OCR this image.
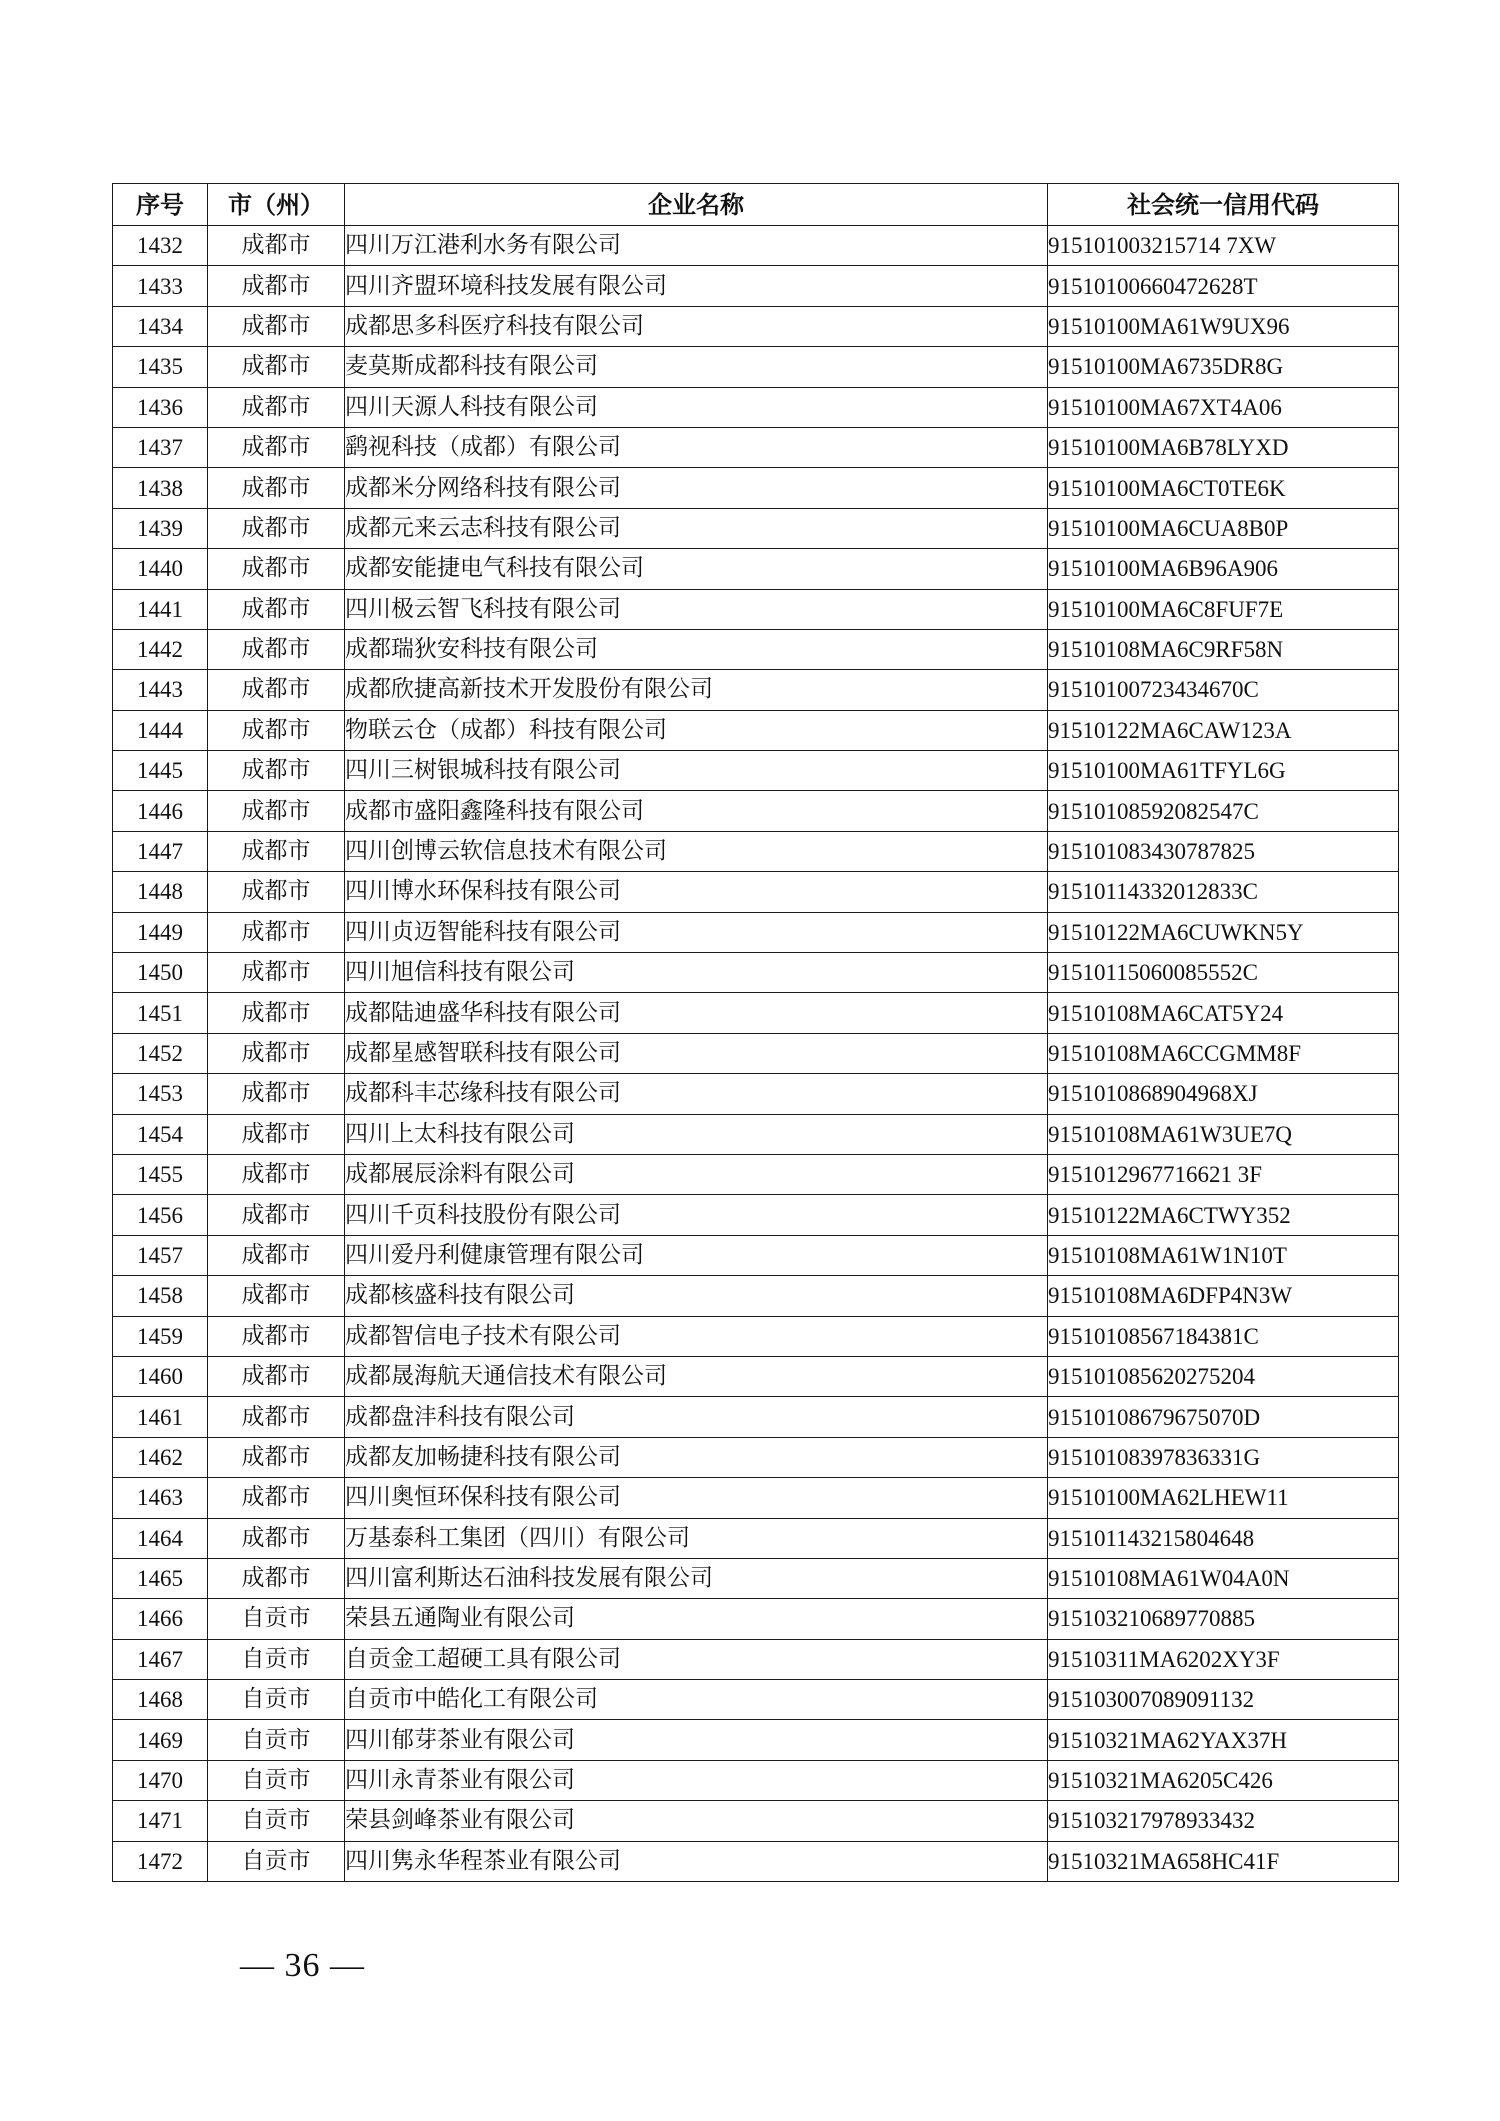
序号	市（州）	企业名称	社会统一信用代码
1432	成都市	四川万江港利水务有限公司	915101003215714 7XW
1433	成都市	四川齐盟环境科技发展有限公司	91510100660472628T
1434	成都市	成都思多科医疗科技有限公司	91510100MA61W9UX96
1435	成都市	麦莫斯成都科技有限公司	91510100MA6735DR8G
1436	成都市	四川天源人科技有限公司	91510100MA67XT4A06
1437	成都市	鹞视科技（成都）有限公司	91510100MA6B78LYXD
1438	成都市	成都米分网络科技有限公司	91510100MA6CT0TE6K
1439	成都市	成都元来云志科技有限公司	91510100MA6CUA8B0P
1440	成都市	成都安能捷电气科技有限公司	91510100MA6B96A906
1441	成都市	四川极云智飞科技有限公司	91510100MA6C8FUF7E
1442	成都市	成都瑞狄安科技有限公司	91510108MA6C9RF58N
1443	成都市	成都欣捷高新技术开发股份有限公司	91510100723434670C
1444	成都市	物联云仓（成都）科技有限公司	91510122MA6CAW123A
1445	成都市	四川三树银城科技有限公司	91510100MA61TFYL6G
1446	成都市	成都市盛阳鑫隆科技有限公司	91510108592082547C
1447	成都市	四川创博云软信息技术有限公司	915101083430787825
1448	成都市	四川博水环保科技有限公司	91510114332012833C
1449	成都市	四川贞迈智能科技有限公司	91510122MA6CUWKN5Y
1450	成都市	四川旭信科技有限公司	91510115060085552C
1451	成都市	成都陆迪盛华科技有限公司	91510108MA6CAT5Y24
1452	成都市	成都星感智联科技有限公司	91510108MA6CCGMM8F
1453	成都市	成都科丰芯缘科技有限公司	9151010868904968XJ
1454	成都市	四川上太科技有限公司	91510108MA61W3UE7Q
1455	成都市	成都展辰涂料有限公司	9151012967716621 3F
1456	成都市	四川千页科技股份有限公司	91510122MA6CTWY352
1457	成都市	四川爱丹利健康管理有限公司	91510108MA61W1N10T
1458	成都市	成都核盛科技有限公司	91510108MA6DFP4N3W
1459	成都市	成都智信电子技术有限公司	91510108567184381C
1460	成都市	成都晟海航天通信技术有限公司	915101085620275204
1461	成都市	成都盘沣科技有限公司	91510108679675070D
1462	成都市	成都友加畅捷科技有限公司	91510108397836331G
1463	成都市	四川奥恒环保科技有限公司	91510100MA62LHEW11
1464	成都市	万基泰科工集团（四川）有限公司	915101143215804648
1465	成都市	四川富利斯达石油科技发展有限公司	91510108MA61W04A0N
1466	自贡市	荣县五通陶业有限公司	915103210689770885
1467	自贡市	自贡金工超硬工具有限公司	91510311MA6202XY3F
1468	自贡市	自贡市中皓化工有限公司	915103007089091132
1469	自贡市	四川郁芽茶业有限公司	91510321MA62YAX37H
1470	自贡市	四川永青茶业有限公司	91510321MA6205C426
1471	自贡市	荣县剑峰茶业有限公司	915103217978933432
1472	自贡市	四川隽永华程茶业有限公司	91510321MA658HC41F
— 36 —
